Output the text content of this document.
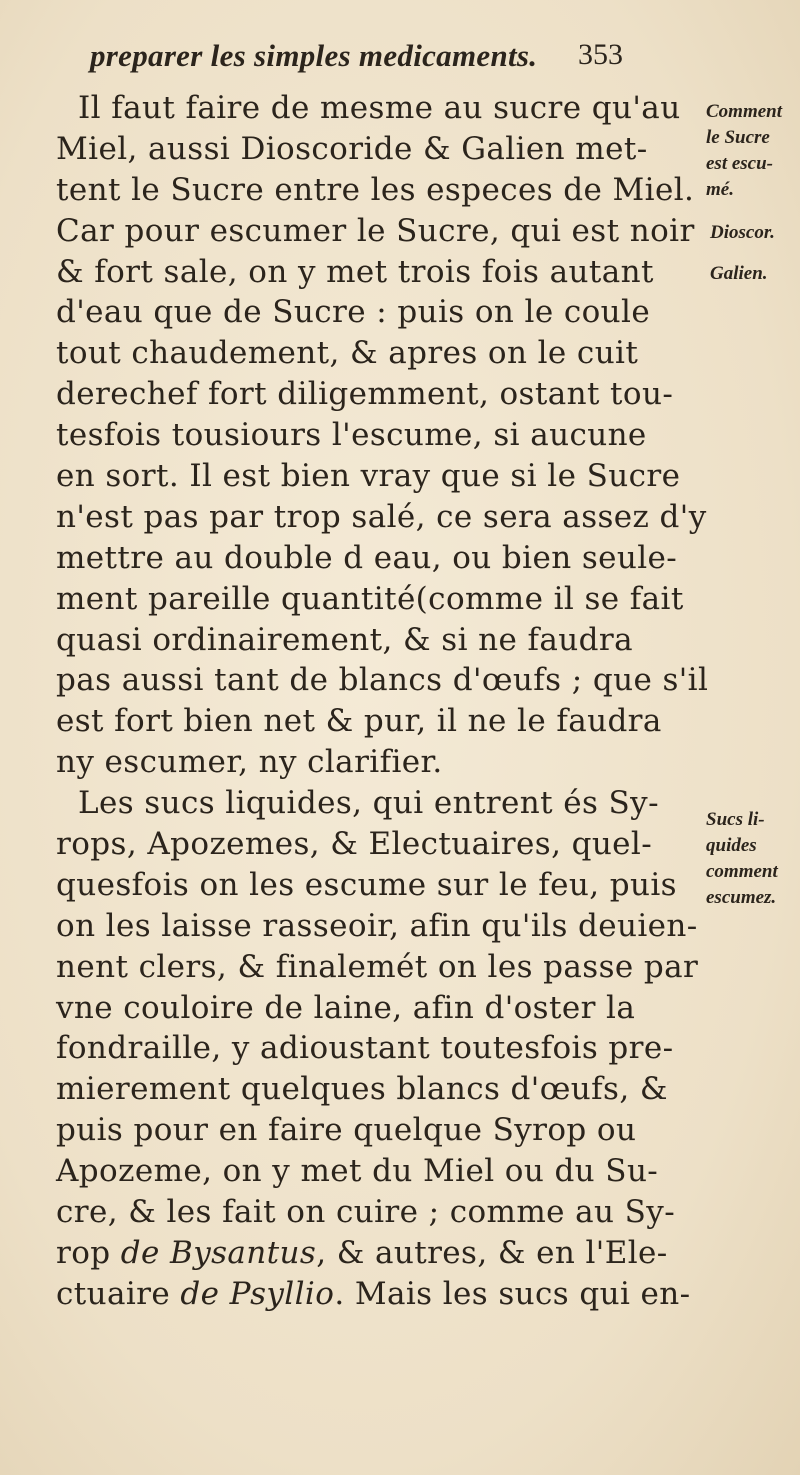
preparer les simples medicaments. 353
Il faut faire de mesme au sucre qu'au
Miel, aussi Dioscoride & Galien met-
tent le Sucre entre les especes de Miel.
Car pour escumer le Sucre, qui est noir
& fort sale, on y met trois fois autant
d'eau que de Sucre : puis on le coule
tout chaudement, & apres on le cuit
derechef fort diligemment, ostant tou-
tesfois tousiours l'escume, si aucune
en sort. Il est bien vray que si le Sucre
n'est pas par trop salé, ce sera assez d'y
mettre au double d eau, ou bien seule-
ment pareille quantité(comme il se fait
quasi ordinairement, & si ne faudra
pas aussi tant de blancs d'œufs ; que s'il
est fort bien net & pur, il ne le faudra
ny escumer, ny clarifier.
Les sucs liquides, qui entrent és Sy-
rops, Apozemes, & Electuaires, quel-
quesfois on les escume sur le feu, puis
on les laisse rasseoir, afin qu'ils deuien-
nent clers, & finalemét on les passe par
vne couloire de laine, afin d'oster la
fondraille, y adioustant toutesfois pre-
mierement quelques blancs d'œufs, &
puis pour en faire quelque Syrop ou
Apozeme, on y met du Miel ou du Su-
cre, & les fait on cuire ; comme au Sy-
rop de Bysantus, & autres, & en l'Ele-
ctuaire de Psyllio. Mais les sucs qui en-
Comment
le Sucre
est escu-
mé.
Dioscor.
Galien.
Sucs li-
quides
comment
escumez.
